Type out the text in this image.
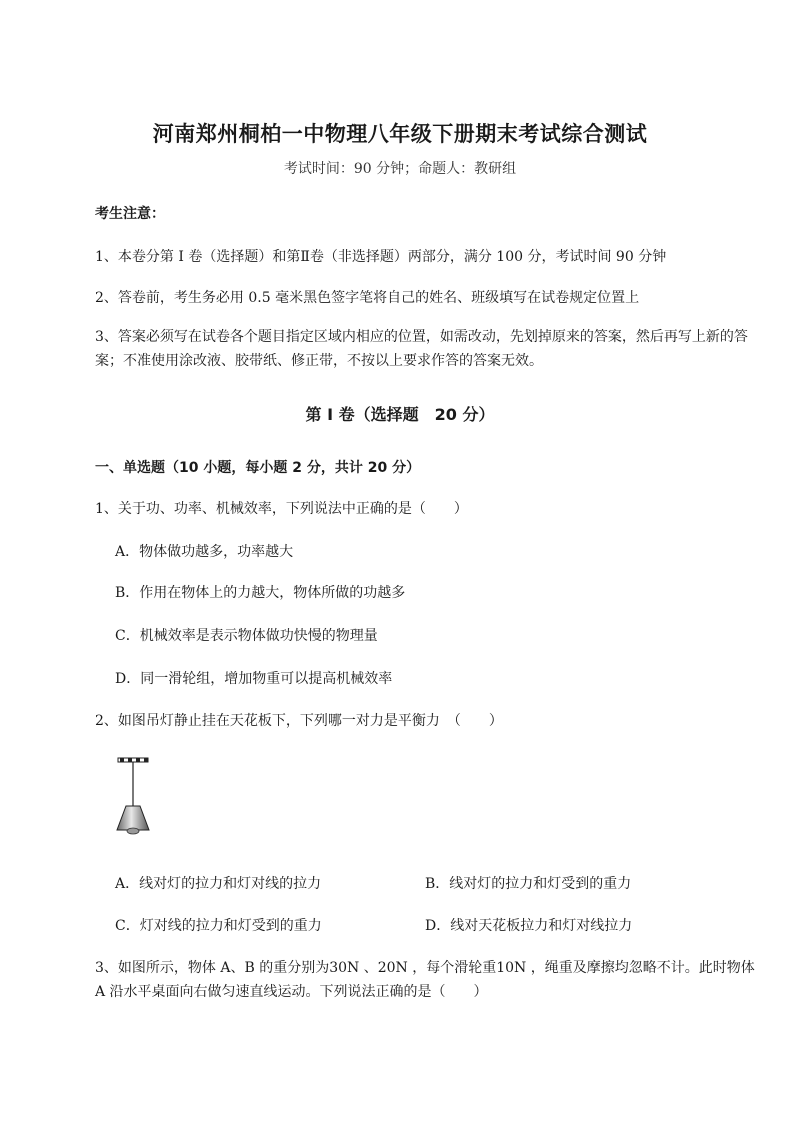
河南郑州桐柏一中物理八年级下册期末考试综合测试
考试时间：90 分钟；命题人：教研组
考生注意：
1、本卷分第 I 卷（选择题）和第Ⅱ卷（非选择题）两部分，满分 100 分，考试时间 90 分钟
2、答卷前，考生务必用 0.5 毫米黑色签字笔将自己的姓名、班级填写在试卷规定位置上
3、答案必须写在试卷各个题目指定区域内相应的位置，如需改动，先划掉原来的答案，然后再写上新的答案；不准使用涂改液、胶带纸、修正带，不按以上要求作答的答案无效。
第 I 卷（选择题　20 分）
一、单选题（10 小题，每小题 2 分，共计 20 分）
1、关于功、功率、机械效率，下列说法中正确的是（　　）
A．物体做功越多，功率越大
B．作用在物体上的力越大，物体所做的功越多
C．机械效率是表示物体做功快慢的物理量
D．同一滑轮组，增加物重可以提高机械效率
2、如图吊灯静止挂在天花板下，下列哪一对力是平衡力　（　　）
A．线对灯的拉力和灯对线的拉力	B．线对灯的拉力和灯受到的重力
C．灯对线的拉力和灯受到的重力	D．线对天花板拉力和灯对线拉力
3、如图所示，物体 A、B 的重分别为30N 、20N ，每个滑轮重10N ，绳重及摩擦均忽略不计。此时物体 A 沿水平桌面向右做匀速直线运动。下列说法正确的是（　　）
